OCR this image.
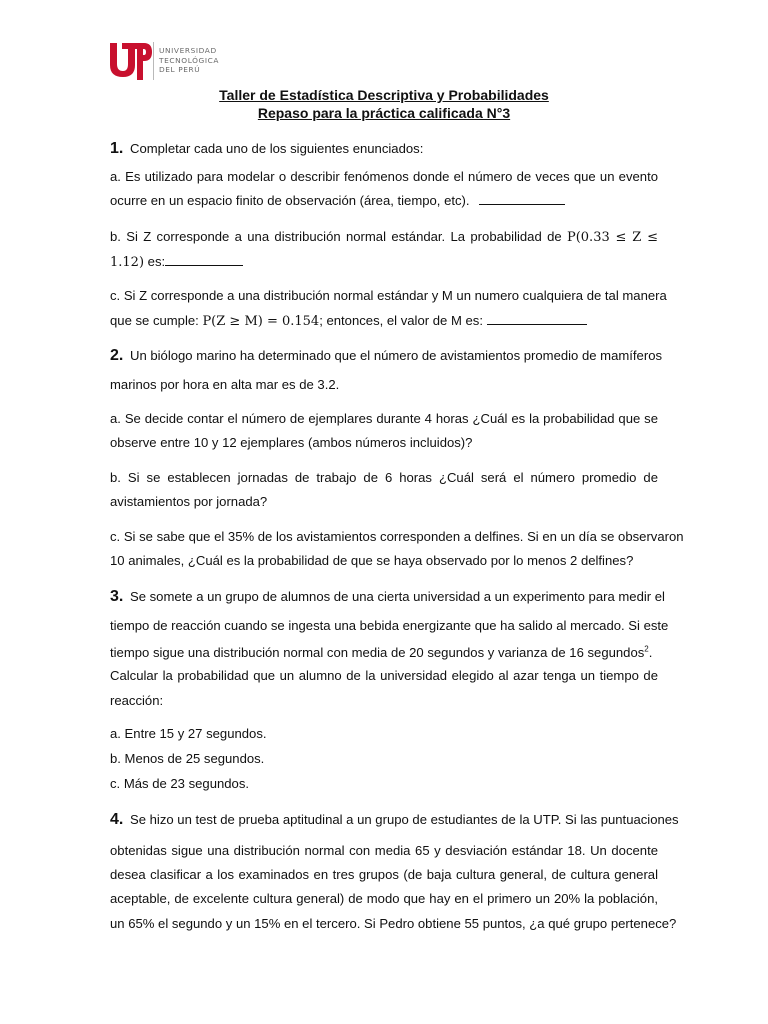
UNIVERSIDAD
TECNOLÓGICA
DEL PERÚ
Taller de Estadística Descriptiva y Probabilidades
Repaso para la práctica calificada N°3
1. Completar cada uno de los siguientes enunciados:
a. Es utilizado para modelar o describir fenómenos donde el número de veces que un evento
ocurre en un espacio finito de observación (área, tiempo, etc).
b. Si Z corresponde a una distribución normal estándar. La probabilidad de P(0.33 ≤ Z ≤
1.12) es:
c. Si Z corresponde a una distribución normal estándar y M un numero cualquiera de tal manera
que se cumple: P(Z ≥ M) = 0.154; entonces, el valor de M es:
2. Un biólogo marino ha determinado que el número de avistamientos promedio de mamíferos
marinos por hora en alta mar es de 3.2.
a. Se decide contar el número de ejemplares durante 4 horas ¿Cuál es la probabilidad que se
observe entre 10 y 12 ejemplares (ambos números incluidos)?
b. Si se establecen jornadas de trabajo de 6 horas ¿Cuál será el número promedio de
avistamientos por jornada?
c. Si se sabe que el 35% de los avistamientos corresponden a delfines. Si en un día se observaron
10 animales, ¿Cuál es la probabilidad de que se haya observado por lo menos 2 delfines?
3. Se somete a un grupo de alumnos de una cierta universidad a un experimento para medir el
tiempo de reacción cuando se ingesta una bebida energizante que ha salido al mercado. Si este
tiempo sigue una distribución normal con media de 20 segundos y varianza de 16 segundos$^2$.
Calcular la probabilidad que un alumno de la universidad elegido al azar tenga un tiempo de
reacción:
a. Entre 15 y 27 segundos.
b. Menos de 25 segundos.
c. Más de 23 segundos.
4. Se hizo un test de prueba aptitudinal a un grupo de estudiantes de la UTP. Si las puntuaciones
obtenidas sigue una distribución normal con media 65 y desviación estándar 18. Un docente
desea clasificar a los examinados en tres grupos (de baja cultura general, de cultura general
aceptable, de excelente cultura general) de modo que hay en el primero un 20% la población,
un 65% el segundo y un 15% en el tercero. Si Pedro obtiene 55 puntos, ¿a qué grupo pertenece?
